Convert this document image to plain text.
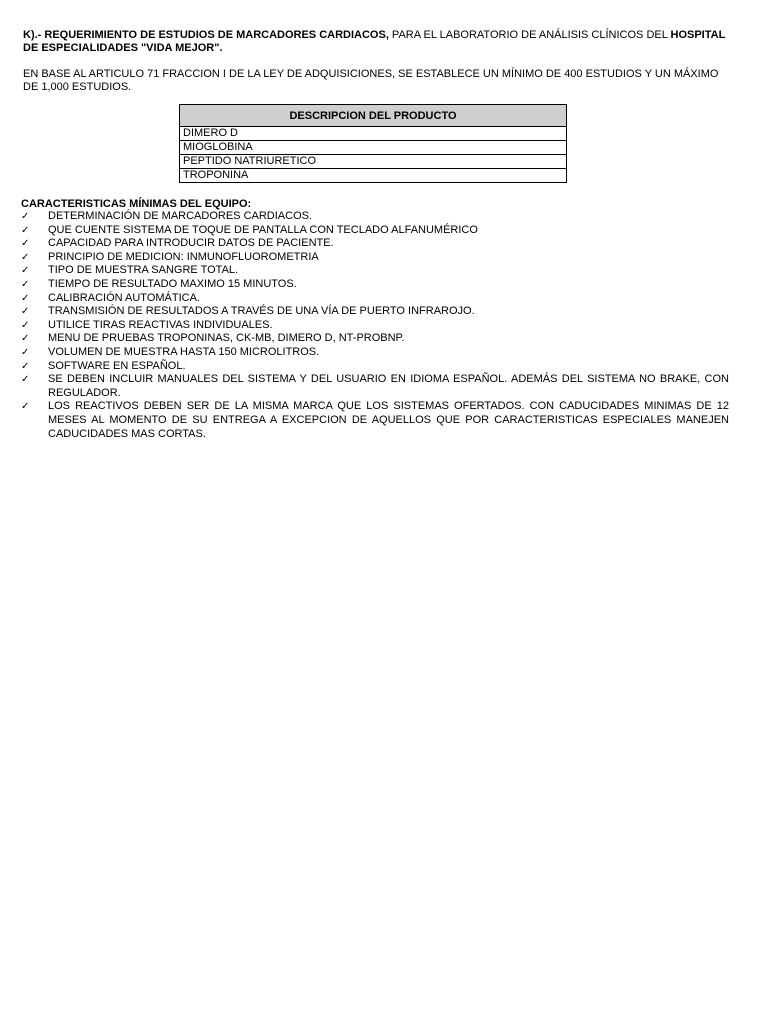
K).- REQUERIMIENTO DE ESTUDIOS DE MARCADORES CARDIACOS, PARA EL LABORATORIO DE ANÁLISIS CLÍNICOS DEL HOSPITAL DE ESPECIALIDADES "VIDA MEJOR".
EN BASE AL ARTICULO 71 FRACCION I DE LA LEY DE ADQUISICIONES, SE ESTABLECE UN MÍNIMO DE 400 ESTUDIOS Y UN MÁXIMO DE 1,000 ESTUDIOS.
DESCRIPCION DEL PRODUCTO
DIMERO D
MIOGLOBINA
PEPTIDO NATRIURETICO
TROPONINA
CARACTERISTICAS MÍNIMAS DEL EQUIPO:
✓	DETERMINACIÓN DE MARCADORES CARDIACOS.
✓	QUE CUENTE SISTEMA DE TOQUE DE PANTALLA CON TECLADO ALFANUMÉRICO
✓	CAPACIDAD PARA INTRODUCIR DATOS DE PACIENTE.
✓	PRINCIPIO DE MEDICION: INMUNOFLUOROMETRIA
✓	TIPO DE MUESTRA SANGRE TOTAL.
✓	TIEMPO DE RESULTADO MAXIMO 15 MINUTOS.
✓	CALIBRACIÓN AUTOMÁTICA.
✓	TRANSMISIÓN DE RESULTADOS A TRAVÉS DE UNA VÍA DE PUERTO INFRAROJO.
✓	UTILICE TIRAS REACTIVAS INDIVIDUALES.
✓	MENU DE PRUEBAS TROPONINAS, CK-MB, DIMERO D, NT-PROBNP.
✓	VOLUMEN DE MUESTRA HASTA 150 MICROLITROS.
✓	SOFTWARE EN ESPAÑOL.
✓	SE DEBEN INCLUIR MANUALES DEL SISTEMA Y DEL USUARIO EN IDIOMA ESPAÑOL. ADEMÁS DEL SISTEMA NO BRAKE, CON REGULADOR.
✓	LOS REACTIVOS DEBEN SER DE LA MISMA MARCA QUE LOS SISTEMAS OFERTADOS. CON CADUCIDADES MINIMAS DE 12 MESES AL MOMENTO DE SU ENTREGA A EXCEPCION DE AQUELLOS QUE POR CARACTERISTICAS ESPECIALES MANEJEN CADUCIDADES MAS CORTAS.
